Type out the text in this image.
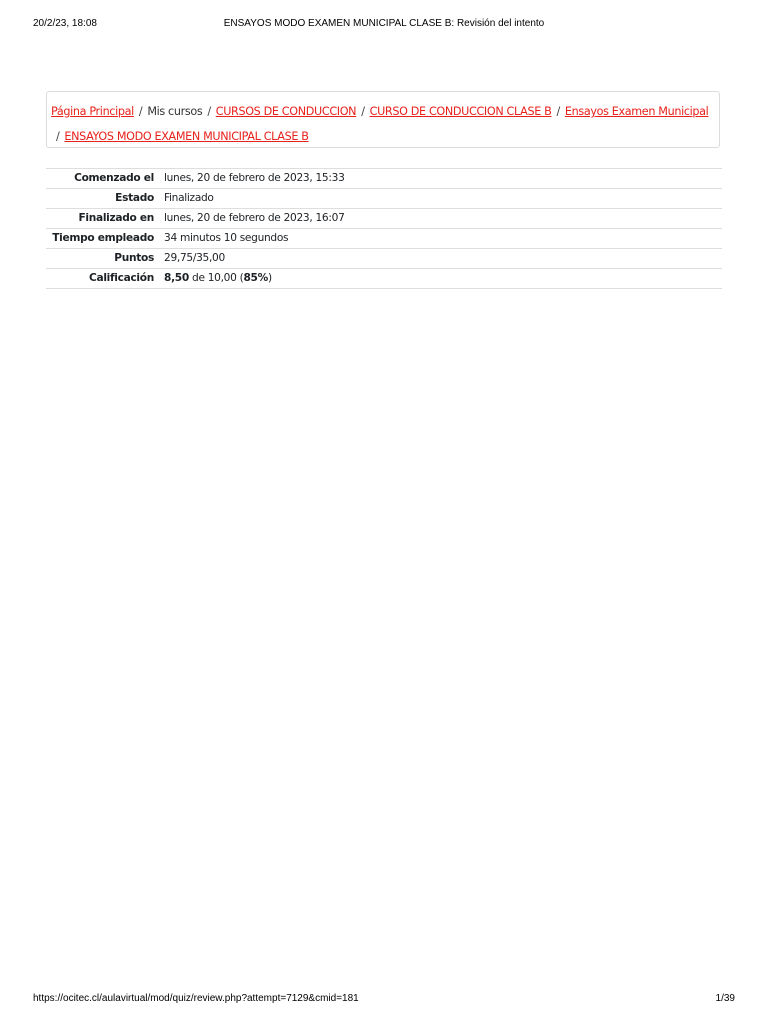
20/2/23, 18:08	ENSAYOS MODO EXAMEN MUNICIPAL CLASE B: Revisión del intento
Página Principal / Mis cursos / CURSOS DE CONDUCCION / CURSO DE CONDUCCION CLASE B / Ensayos Examen Municipal
/ ENSAYOS MODO EXAMEN MUNICIPAL CLASE B
Comenzado el	lunes, 20 de febrero de 2023, 15:33
Estado	Finalizado
Finalizado en	lunes, 20 de febrero de 2023, 16:07
Tiempo empleado	34 minutos 10 segundos
Puntos	29,75/35,00
Calificación	8,50 de 10,00 (85%)
https://ocitec.cl/aulavirtual/mod/quiz/review.php?attempt=7129&cmid=181	1/39
